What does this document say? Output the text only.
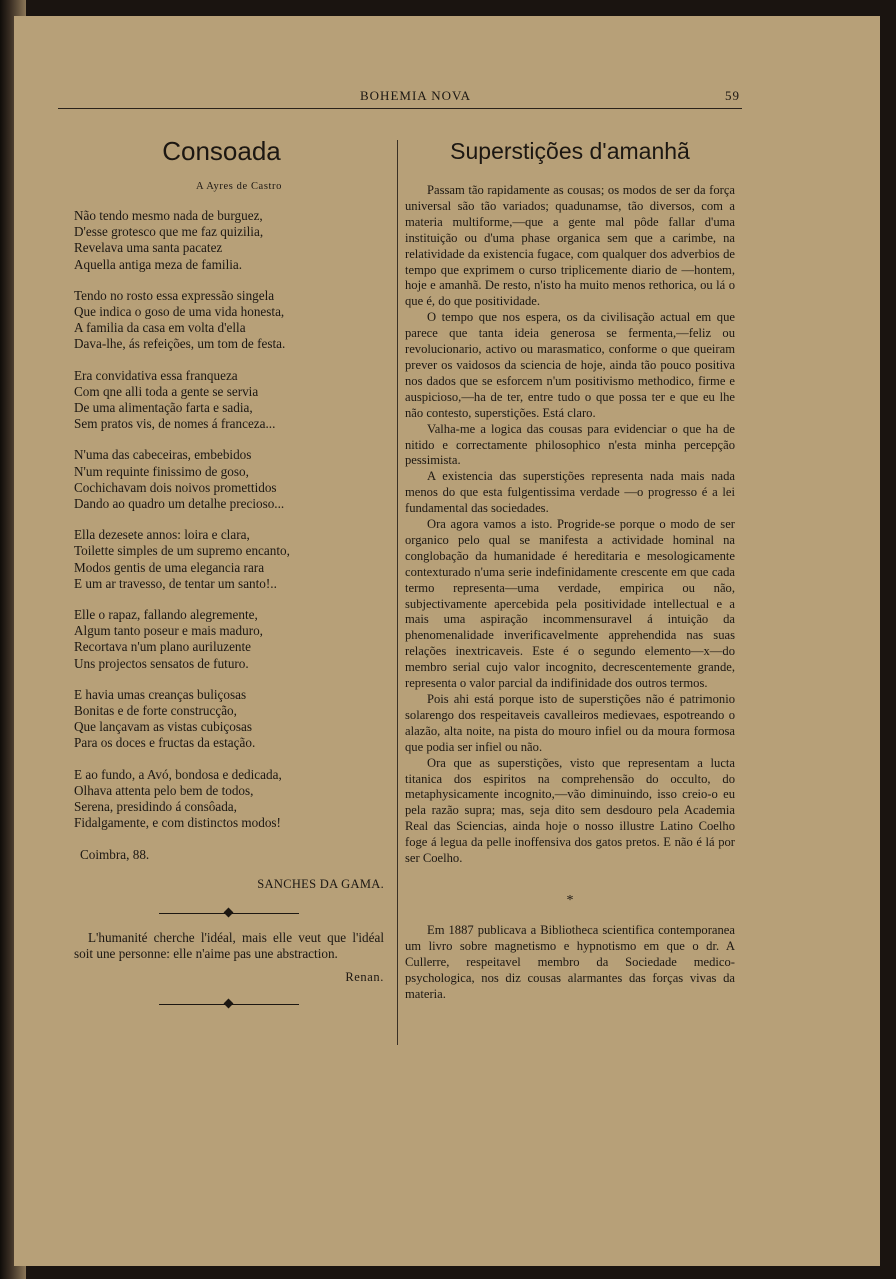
BOHEMIA NOVA	59
Consoada
A Ayres de Castro
Não tendo mesmo nada de burguez,
D'esse grotesco que me faz quizilia,
Revelava uma santa pacatez
Aquella antiga meza de familia.
Tendo no rosto essa expressão singela
Que indica o goso de uma vida honesta,
A familia da casa em volta d'ella
Dava-lhe, ás refeições, um tom de festa.
Era convidativa essa franqueza
Com qne alli toda a gente se servia
De uma alimentação farta e sadia,
Sem pratos vis, de nomes á franceza...
N'uma das cabeceiras, embebidos
N'um requinte finissimo de goso,
Cochichavam dois noivos promettidos
Dando ao quadro um detalhe precioso...
Ella dezesete annos: loira e clara,
Toilette simples de um supremo encanto,
Modos gentis de uma elegancia rara
E um ar travesso, de tentar um santo!..
Elle o rapaz, fallando alegremente,
Algum tanto poseur e mais maduro,
Recortava n'um plano auriluzente
Uns projectos sensatos de futuro.
E havia umas creanças buliçosas
Bonitas e de forte construcção,
Que lançavam as vistas cubiçosas
Para os doces e fructas da estação.
E ao fundo, a Avó, bondosa e dedicada,
Olhava attenta pelo bem de todos,
Serena, presidindo á consôada,
Fidalgamente, e com distinctos modos!
Coimbra, 88.
SANCHES DA GAMA.
L'humanité cherche l'idéal, mais elle veut que l'idéal soit une personne: elle n'aime pas une abstraction.
Renan.
Superstições d'amanhã

Passam tão rapidamente as cousas; os modos de ser da força universal são tão variados; quadunamse, tão diversos, com a materia multiforme,—que a gente mal pôde fallar d'uma instituição ou d'uma phase organica sem que a carimbe, na relatividade da existencia fugace, com qualquer dos adverbios de tempo que exprimem o curso triplicemente diario de —hontem, hoje e amanhã. De resto, n'isto ha muito menos rethorica, ou lá o que é, do que positividade.

O tempo que nos espera, os da civilisação actual em que parece que tanta ideia generosa se fermenta,—feliz ou revolucionario, activo ou marasmatico, conforme o que queiram prever os vaidosos da sciencia de hoje, ainda tão pouco positiva nos dados que se esforcem n'um positivismo methodico, firme e auspicioso,—ha de ter, entre tudo o que possa ter e que eu lhe não contesto, superstições. Está claro.

Valha-me a logica das cousas para evidenciar o que ha de nitido e correctamente philosophico n'esta minha percepção pessimista.

A existencia das superstições representa nada mais nada menos do que esta fulgentissima verdade —o progresso é a lei fundamental das sociedades.

Ora agora vamos a isto. Progride-se porque o modo de ser organico pelo qual se manifesta a actividade hominal na conglobação da humanidade é hereditaria e mesologicamente contexturado n'uma serie indefinidamente crescente em que cada termo representa—uma verdade, empirica ou não, subjectivamente apercebida pela positividade intellectual e a mais uma aspiração incommensuravel á intuição da phenomenalidade inverificavelmente apprehendida nas suas relações inextricaveis. Este é o segundo elemento—x—do membro serial cujo valor incognito, decrescentemente grande, representa o valor parcial da indifinidade dos outros termos.

Pois ahi está porque isto de superstições não é patrimonio solarengo dos respeitaveis cavalleiros medievaes, espotreando o alazão, alta noite, na pista do mouro infiel ou da moura formosa que podia ser infiel ou não.

Ora que as superstições, visto que representam a lucta titanica dos espiritos na comprehensão do occulto, do metaphysicamente incognito,—vão diminuindo, isso creio-o eu pela razão supra; mas, seja dito sem desdouro pela Academia Real das Sciencias, ainda hoje o nosso illustre Latino Coelho foge á legua da pelle inoffensiva dos gatos pretos. E não é lá por ser Coelho.

*

Em 1887 publicava a Bibliotheca scientifica contemporanea um livro sobre magnetismo e hypnotismo em que o dr. A Cullerre, respeitavel membro da Sociedade medico-psychologica, nos diz cousas alarmantes das forças vivas da materia.
